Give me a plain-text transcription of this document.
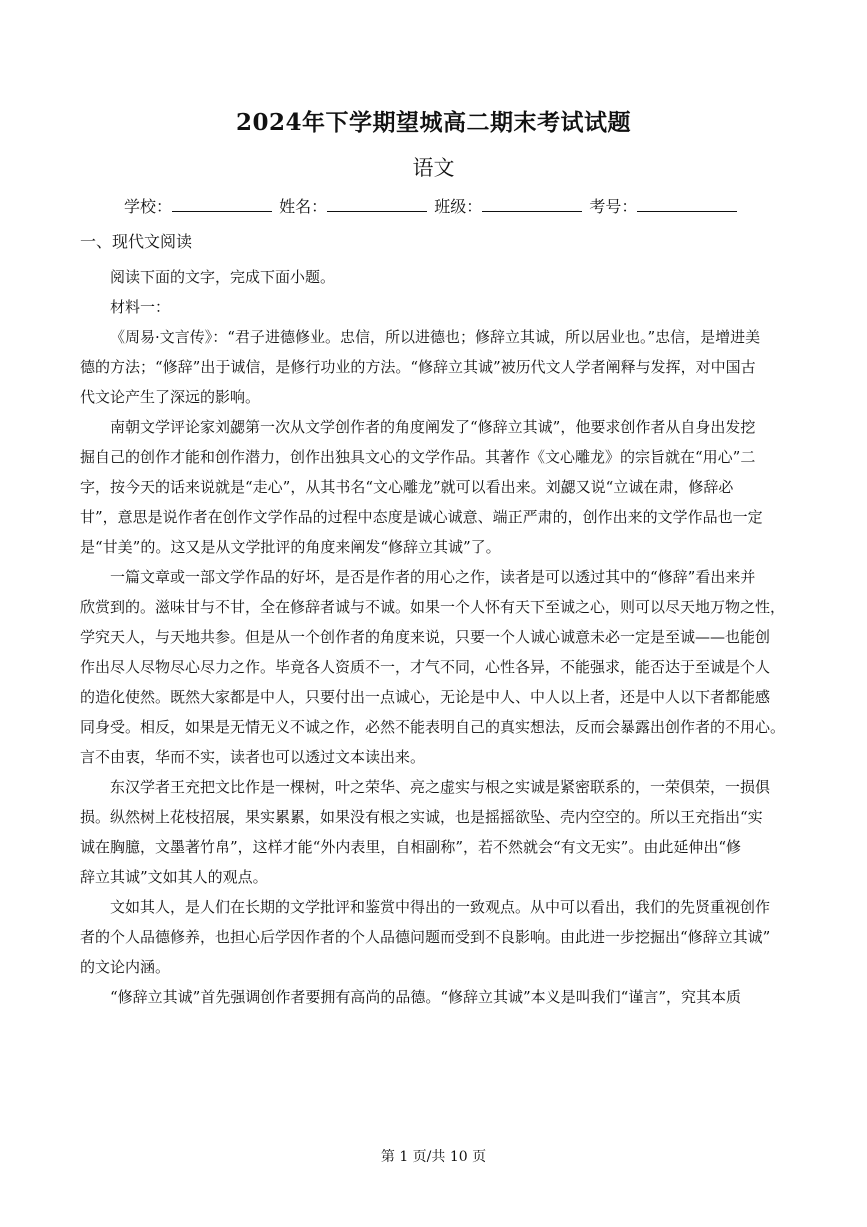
2024年下学期望城高二期末考试试题
语文
学校：	姓名：	班级：	考号：
一、现代文阅读

阅读下面的文字，完成下面小题。

材料一：

《周易·文言传》：“君子进德修业。忠信，所以进德也；修辞立其诚，所以居业也。”忠信，是增进美

德的方法；“修辞”出于诚信，是修行功业的方法。“修辞立其诚”被历代文人学者阐释与发挥，对中国古

代文论产生了深远的影响。

南朝文学评论家刘勰第一次从文学创作者的角度阐发了“修辞立其诚”，他要求创作者从自身出发挖

掘自己的创作才能和创作潜力，创作出独具文心的文学作品。其著作《文心雕龙》的宗旨就在“用心”二

字，按今天的话来说就是“走心”，从其书名“文心雕龙”就可以看出来。刘勰又说“立诚在肃，修辞必

甘”，意思是说作者在创作文学作品的过程中态度是诚心诚意、端正严肃的，创作出来的文学作品也一定

是“甘美”的。这又是从文学批评的角度来阐发“修辞立其诚”了。

一篇文章或一部文学作品的好坏，是否是作者的用心之作，读者是可以透过其中的“修辞”看出来并

欣赏到的。滋味甘与不甘，全在修辞者诚与不诚。如果一个人怀有天下至诚之心，则可以尽天地万物之性，

学究天人，与天地共参。但是从一个创作者的角度来说，只要一个人诚心诚意未必一定是至诚——也能创

作出尽人尽物尽心尽力之作。毕竟各人资质不一，才气不同，心性各异，不能强求，能否达于至诚是个人

的造化使然。既然大家都是中人，只要付出一点诚心，无论是中人、中人以上者，还是中人以下者都能感

同身受。相反，如果是无情无义不诚之作，必然不能表明自己的真实想法，反而会暴露出创作者的不用心。

言不由衷，华而不实，读者也可以透过文本读出来。

东汉学者王充把文比作是一棵树，叶之荣华、亮之虚实与根之实诚是紧密联系的，一荣俱荣，一损俱

损。纵然树上花枝招展，果实累累，如果没有根之实诚，也是摇摇欲坠、壳内空空的。所以王充指出“实

诚在胸臆，文墨著竹帛”，这样才能“外内表里，自相副称”，若不然就会“有文无实”。由此延伸出“修

辞立其诚”文如其人的观点。

文如其人，是人们在长期的文学批评和鉴赏中得出的一致观点。从中可以看出，我们的先贤重视创作

者的个人品德修养，也担心后学因作者的个人品德问题而受到不良影响。由此进一步挖掘出“修辞立其诚”

的文论内涵。

“修辞立其诚”首先强调创作者要拥有高尚的品德。“修辞立其诚”本义是叫我们“谨言”，究其本质

第 1 页/共 10 页
